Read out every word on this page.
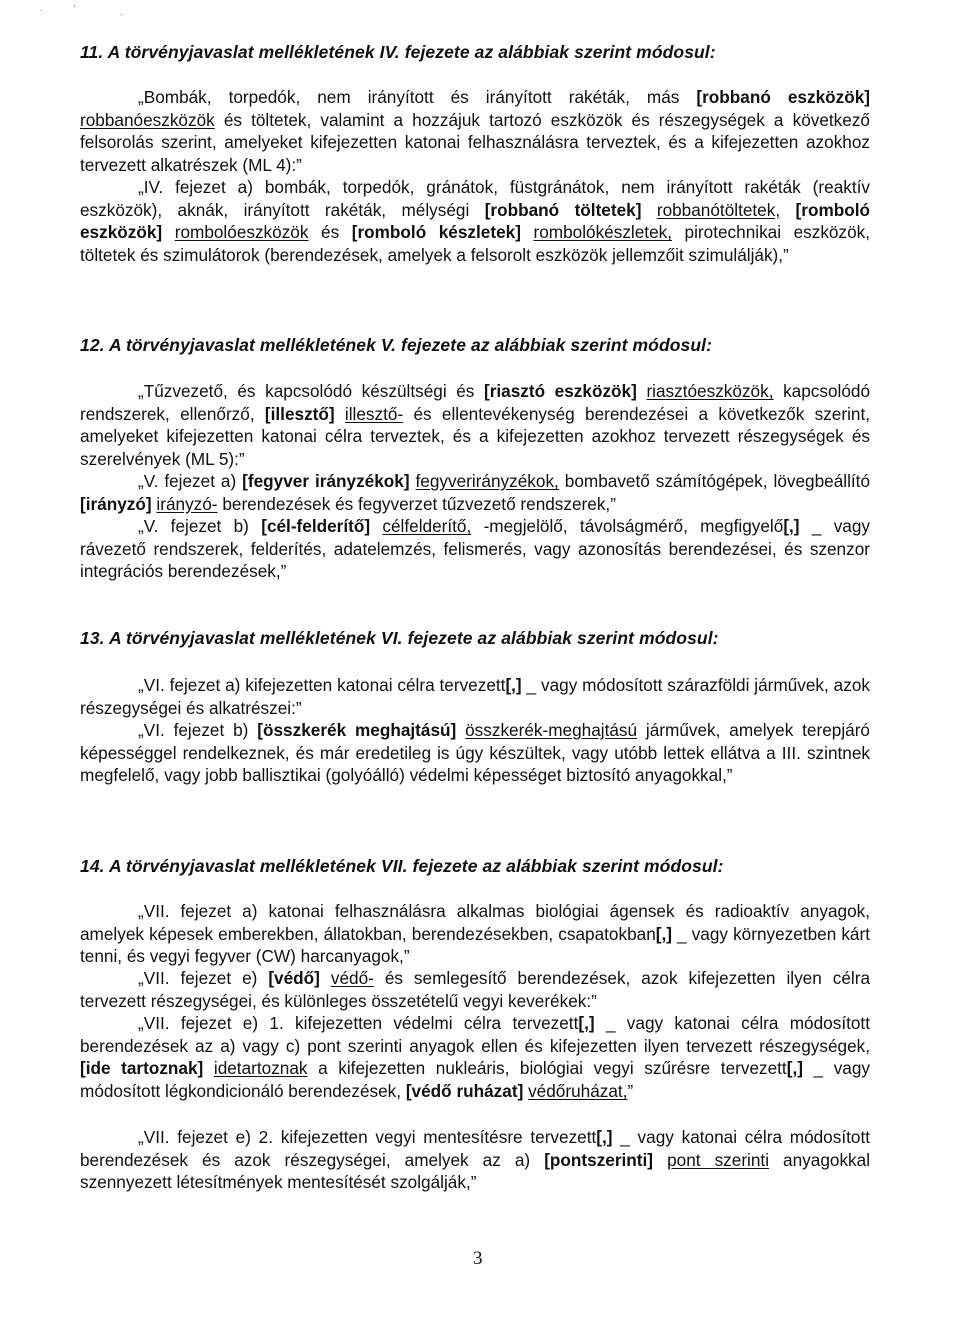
·	'
·
11. A törvényjavaslat mellékletének IV. fejezete az alábbiak szerint módosul:
„Bombák, torpedók, nem irányított és irányított rakéták, más [robbanó eszközök] robbanóeszközök és töltetek, valamint a hozzájuk tartozó eszközök és részegységek a következő felsorolás szerint, amelyeket kifejezetten katonai felhasználásra terveztek, és a kifejezetten azokhoz tervezett alkatrészek (ML 4):”
„IV. fejezet a) bombák, torpedók, gránátok, füstgránátok, nem irányított rakéták (reaktív eszközök), aknák, irányított rakéták, mélységi [robbanó töltetek] robbanótöltetek, [romboló eszközök] rombolóeszközök és [romboló készletek] rombolókészletek, pirotechnikai eszközök, töltetek és szimulátorok (berendezések, amelyek a felsorolt eszközök jellemzőit szimulálják),”
12. A törvényjavaslat mellékletének V. fejezete az alábbiak szerint módosul:
„Tűzvezető, és kapcsolódó készültségi és [riasztó eszközök] riasztóeszközök, kapcsolódó rendszerek, ellenőrző, [illesztő] illesztő- és ellentevékenység berendezései a következők szerint, amelyeket kifejezetten katonai célra terveztek, és a kifejezetten azokhoz tervezett részegységek és szerelvények (ML 5):”
„V. fejezet a) [fegyver irányzékok] fegyverirányzékok, bombavető számítógépek, lövegbeállító [irányzó] irányzó- berendezések és fegyverzet tűzvezető rendszerek,”
„V. fejezet b) [cél-felderítő] célfelderítő, -megjelölő, távolságmérő, megfigyelő[,] _ vagy rávezető rendszerek, felderítés, adatelemzés, felismerés, vagy azonosítás berendezései, és szenzor integrációs berendezések,”
13. A törvényjavaslat mellékletének VI. fejezete az alábbiak szerint módosul:
„VI. fejezet a) kifejezetten katonai célra tervezett[,] _ vagy módosított szárazföldi járművek, azok részegységei és alkatrészei:”
„VI. fejezet b) [összkerék meghajtású] összkerék-meghajtású járművek, amelyek terepjáró képességgel rendelkeznek, és már eredetileg is úgy készültek, vagy utóbb lettek ellátva a III. szintnek megfelelő, vagy jobb ballisztikai (golyóálló) védelmi képességet biztosító anyagokkal,”
14. A törvényjavaslat mellékletének VII. fejezete az alábbiak szerint módosul:
„VII. fejezet a) katonai felhasználásra alkalmas biológiai ágensek és radioaktív anyagok, amelyek képesek emberekben, állatokban, berendezésekben, csapatokban[,] _ vagy környezetben kárt tenni, és vegyi fegyver (CW) harcanyagok,”
„VII. fejezet e) [védő] védő- és semlegesítő berendezések, azok kifejezetten ilyen célra tervezett részegységei, és különleges összetételű vegyi keverékek:”
„VII. fejezet e) 1. kifejezetten védelmi célra tervezett[,] _ vagy katonai célra módosított berendezések az a) vagy c) pont szerinti anyagok ellen és kifejezetten ilyen tervezett részegységek, [ide tartoznak] idetartoznak a kifejezetten nukleáris, biológiai vegyi szűrésre tervezett[,] _ vagy módosított légkondicionáló berendezések, [védő ruházat] védőruházat,”
„VII. fejezet e) 2. kifejezetten vegyi mentesítésre tervezett[,] _ vagy katonai célra módosított berendezések és azok részegységei, amelyek az a) [pontszerinti] pont szerinti anyagokkal szennyezett létesítmények mentesítését szolgálják,”
3
